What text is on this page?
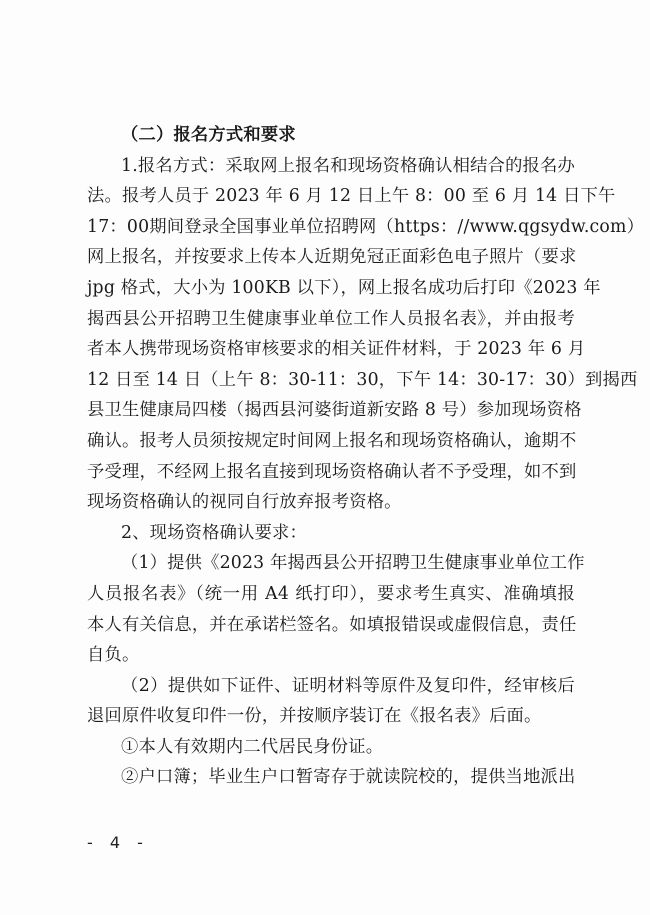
（二）报名方式和要求
1.报名方式：采取网上报名和现场资格确认相结合的报名办
法。报考人员于 2023 年 6 月 12 日上午 8：00 至 6 月 14 日下午
17：00期间登录全国事业单位招聘网（https：//www.qgsydw.com）
网上报名，并按要求上传本人近期免冠正面彩色电子照片（要求
jpg 格式，大小为 100KB 以下），网上报名成功后打印《2023 年
揭西县公开招聘卫生健康事业单位工作人员报名表》，并由报考
者本人携带现场资格审核要求的相关证件材料，于 2023 年 6 月
12 日至 14 日（上午 8：30-11：30，下午 14：30-17：30）到揭西
县卫生健康局四楼（揭西县河婆街道新安路 8 号）参加现场资格
确认。报考人员须按规定时间网上报名和现场资格确认，逾期不
予受理，不经网上报名直接到现场资格确认者不予受理，如不到
现场资格确认的视同自行放弃报考资格。
2、现场资格确认要求：
（1）提供《2023 年揭西县公开招聘卫生健康事业单位工作
人员报名表》（统一用 A4 纸打印），要求考生真实、准确填报
本人有关信息，并在承诺栏签名。如填报错误或虚假信息，责任
自负。
（2）提供如下证件、证明材料等原件及复印件，经审核后
退回原件收复印件一份，并按顺序装订在《报名表》后面。
①本人有效期内二代居民身份证。
②户口簿；毕业生户口暂寄存于就读院校的，提供当地派出
- 4 -
